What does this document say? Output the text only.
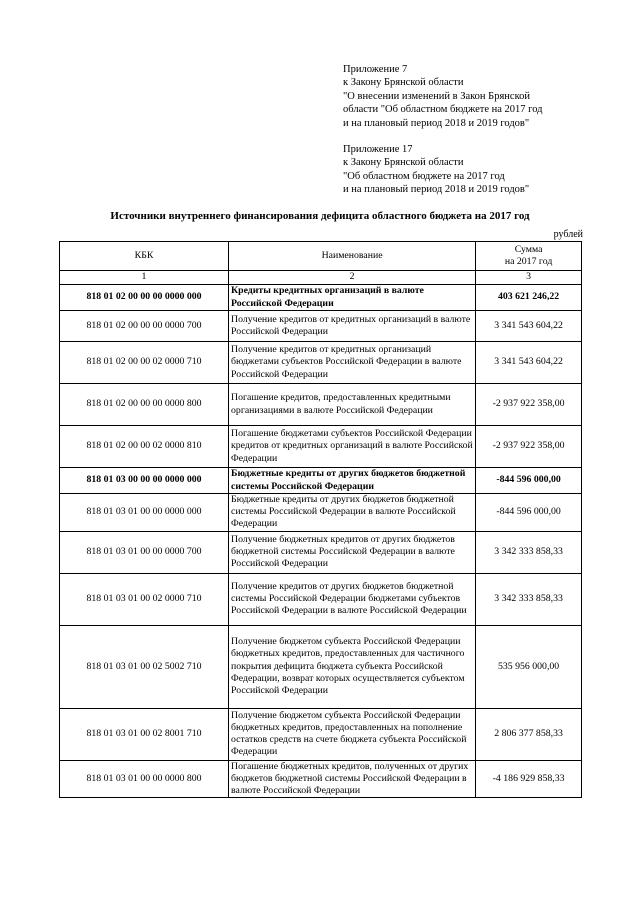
Приложение 7
к Закону Брянской области
"О внесении изменений в Закон Брянской
области "Об областном бюджете на 2017 год
и на плановый период 2018 и 2019 годов"
Приложение 17
к Закону Брянской области
"Об областном бюджете на 2017 год
и на плановый период 2018 и 2019 годов"
Источники внутреннего финансирования дефицита областного бюджета на 2017 год
рублей
КБК	Наименование	Сумма
на 2017 год

1	2	3
818 01 02 00 00 00 0000 000	Кредиты кредитных организаций в валюте Российской Федерации	403 621 246,22
818 01 02 00 00 00 0000 700	Получение кредитов от кредитных организаций в валюте Российской Федерации	3 341 543 604,22
818 01 02 00 00 02 0000 710	Получение кредитов от кредитных организаций бюджетами субъектов Российской Федерации в валюте Российской Федерации	3 341 543 604,22
818 01 02 00 00 00 0000 800	Погашение кредитов, предоставленных кредитными организациями в валюте Российской Федерации	-2 937 922 358,00
818 01 02 00 00 02 0000 810	Погашение бюджетами субъектов Российской Федерации кредитов от кредитных организаций в валюте Российской Федерации	-2 937 922 358,00
818 01 03 00 00 00 0000 000	Бюджетные кредиты от других бюджетов бюджетной системы Российской Федерации	-844 596 000,00
818 01 03 01 00 00 0000 000	Бюджетные кредиты от других бюджетов бюджетной системы Российской Федерации в валюте Российской Федерации	-844 596 000,00
818 01 03 01 00 00 0000 700	Получение бюджетных кредитов от других бюджетов бюджетной системы Российской Федерации в валюте Российской Федерации	3 342 333 858,33
818 01 03 01 00 02 0000 710	Получение кредитов от других бюджетов бюджетной системы Российской Федерации бюджетами субъектов Российской Федерации в валюте Российской Федерации	3 342 333 858,33
818 01 03 01 00 02 5002 710	Получение бюджетом субъекта Российской Федерации бюджетных кредитов, предоставленных для частичного покрытия дефицита бюджета субъекта Российской Федерации, возврат которых осуществляется субъектом Российской Федерации	535 956 000,00
818 01 03 01 00 02 8001 710	Получение бюджетом субъекта Российской Федерации бюджетных кредитов, предоставленных на пополнение остатков средств на счете бюджета субъекта Российской Федерации	2 806 377 858,33
818 01 03 01 00 00 0000 800	Погашение бюджетных кредитов, полученных от других бюджетов бюджетной системы Российской Федерации в валюте Российской Федерации	-4 186 929 858,33
